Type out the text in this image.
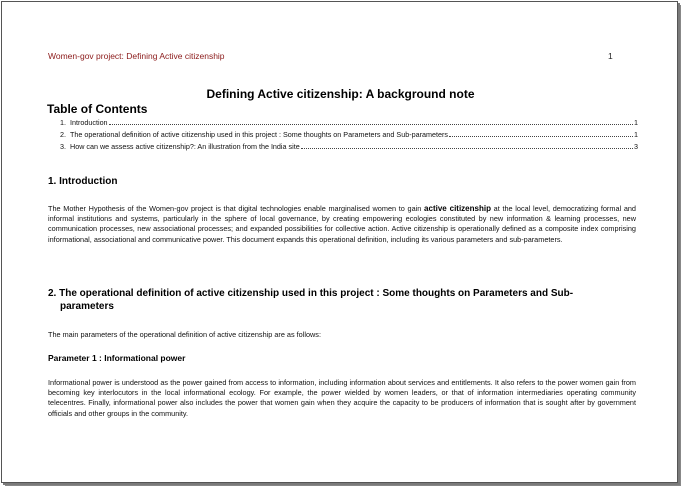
Women-gov project: Defining Active citizenship	1
Defining Active citizenship: A background note
Table of Contents
1. Introduction	1
2. The operational definition of active citizenship used in this project : Some thoughts on Parameters and Sub-parameters	1
3. How can we assess active citizenship?: An illustration from the India site	3
1. Introduction

The Mother Hypothesis of the Women-gov project is that digital technologies enable marginalised women to gain active citizenship at the local level, democratizing formal and informal institutions and systems, particularly in the sphere of local governance, by creating empowering ecologies constituted by new information & learning processes, new communication processes, new associational processes; and expanded possibilities for collective action. Active citizenship is operationally defined as a composite index comprising informational, associational and communicative power. This document expands this operational definition, including its various parameters and sub-parameters.

2. The operational definition of active citizenship used in this project : Some thoughts on Parameters and Sub-
parameters

The main parameters of the operational definition of active citizenship are as follows:

Parameter 1 : Informational power

Informational power is understood as the power gained from access to information, including information about services and entitlements. It also refers to the power women gain from becoming key interlocutors in the local informational ecology. For example, the power wielded by women leaders, or that of information intermediaries operating community telecentres. Finally, informational power also includes the power that women gain when they acquire the capacity to be producers of information that is sought after by government officials and other groups in the community.
